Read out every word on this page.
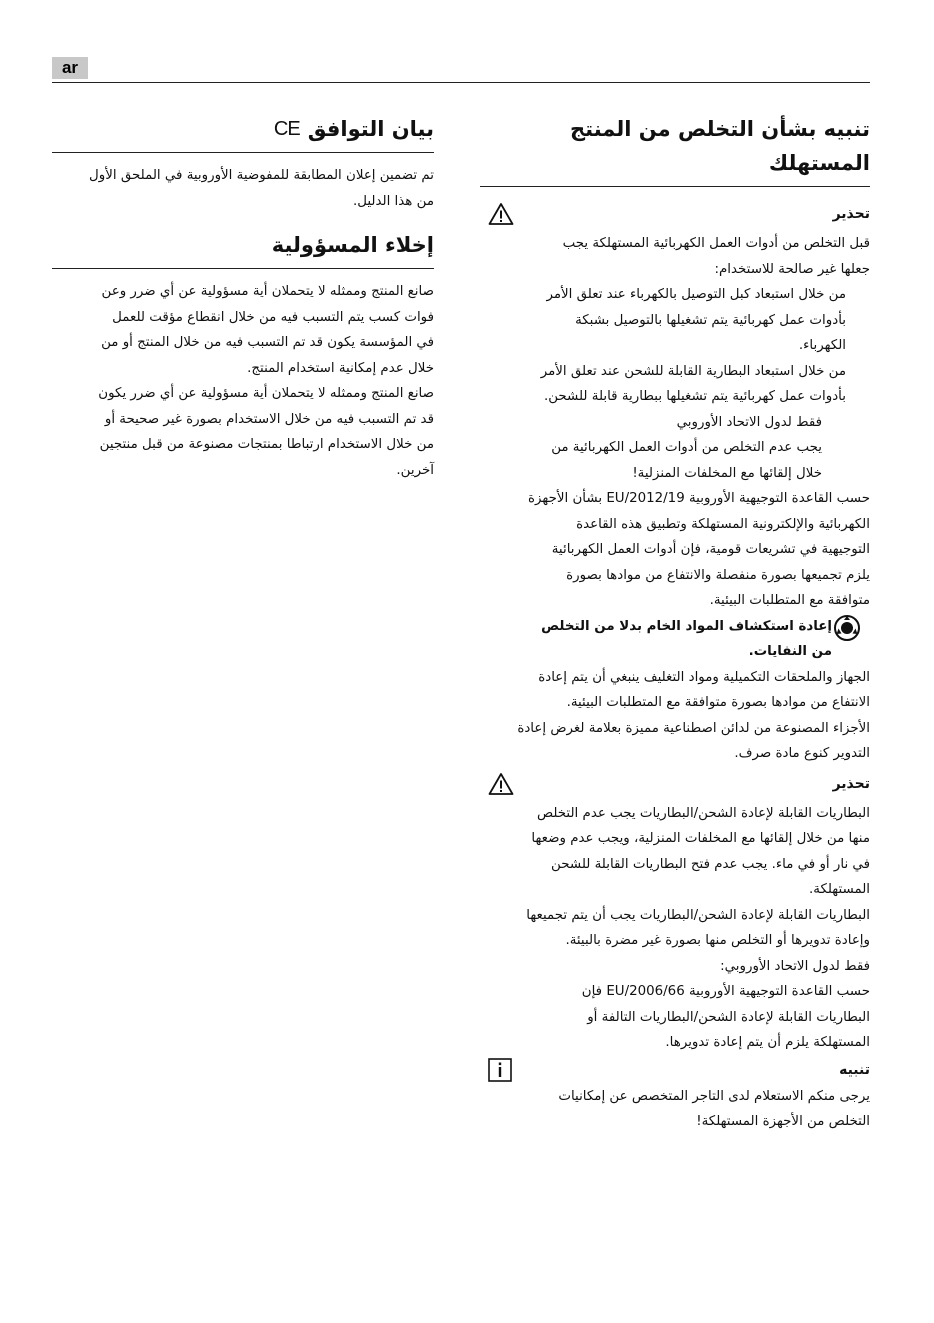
ar
تنبيه بشأن التخلص من المنتج المستهلك
تحذير

قبل التخلص من أدوات العمل الكهربائية المستهلكة يجب

جعلها غير صالحة للاستخدام:

من خلال استبعاد كبل التوصيل بالكهرباء عند تعلق الأمر

بأدوات عمل كهربائية يتم تشغيلها بالتوصيل بشبكة

الكهرباء.

من خلال استبعاد البطارية القابلة للشحن عند تعلق الأمر

بأدوات عمل كهربائية يتم تشغيلها ببطارية قابلة للشحن.

فقط لدول الاتحاد الأوروبي

يجب عدم التخلص من أدوات العمل الكهربائية من

خلال إلقائها مع المخلفات المنزلية!

حسب القاعدة التوجيهية الأوروبية 2012/19/EU بشأن الأجهزة

الكهربائية والإلكترونية المستهلكة وتطبيق هذه القاعدة

التوجيهية في تشريعات قومية، فإن أدوات العمل الكهربائية

يلزم تجميعها بصورة منفصلة والانتفاع من موادها بصورة

متوافقة مع المتطلبات البيئية.

إعادة استكشاف المواد الخام بدلا من التخلص
من النفايات.

الجهاز والملحقات التكميلية ومواد التغليف ينبغي أن يتم إعادة

الانتفاع من موادها بصورة متوافقة مع المتطلبات البيئية.

الأجزاء المصنوعة من لدائن اصطناعية مميزة بعلامة لغرض إعادة

التدوير كنوع مادة صرف.

تحذير

البطاريات القابلة لإعادة الشحن/البطاريات يجب عدم التخلص

منها من خلال إلقائها مع المخلفات المنزلية، ويجب عدم وضعها

في نار أو في ماء. يجب عدم فتح البطاريات القابلة للشحن

المستهلكة.

البطاريات القابلة لإعادة الشحن/البطاريات يجب أن يتم تجميعها

وإعادة تدويرها أو التخلص منها بصورة غير مضرة بالبيئة.

فقط لدول الاتحاد الأوروبي:

حسب القاعدة التوجيهية الأوروبية 2006/66/EU فإن

البطاريات القابلة لإعادة الشحن/البطاريات التالفة أو

المستهلكة يلزم أن يتم إعادة تدويرها.

تنبيه

يرجى منكم الاستعلام لدى التاجر المتخصص عن إمكانيات

التخلص من الأجهزة المستهلكة!

بيان التوافق
CE

تم تضمين إعلان المطابقة للمفوضية الأوروبية في الملحق الأول

من هذا الدليل.

إخلاء المسؤولية

صانع المنتج وممثله لا يتحملان أية مسؤولية عن أي ضرر وعن

فوات كسب يتم التسبب فيه من خلال انقطاع مؤقت للعمل

في المؤسسة يكون قد تم التسبب فيه من خلال المنتج أو من

خلال عدم إمكانية استخدام المنتج.

صانع المنتج وممثله لا يتحملان أية مسؤولية عن أي ضرر يكون

قد تم التسبب فيه من خلال الاستخدام بصورة غير صحيحة أو

من خلال الاستخدام ارتباطا بمنتجات مصنوعة من قبل منتجين

آخرين.
